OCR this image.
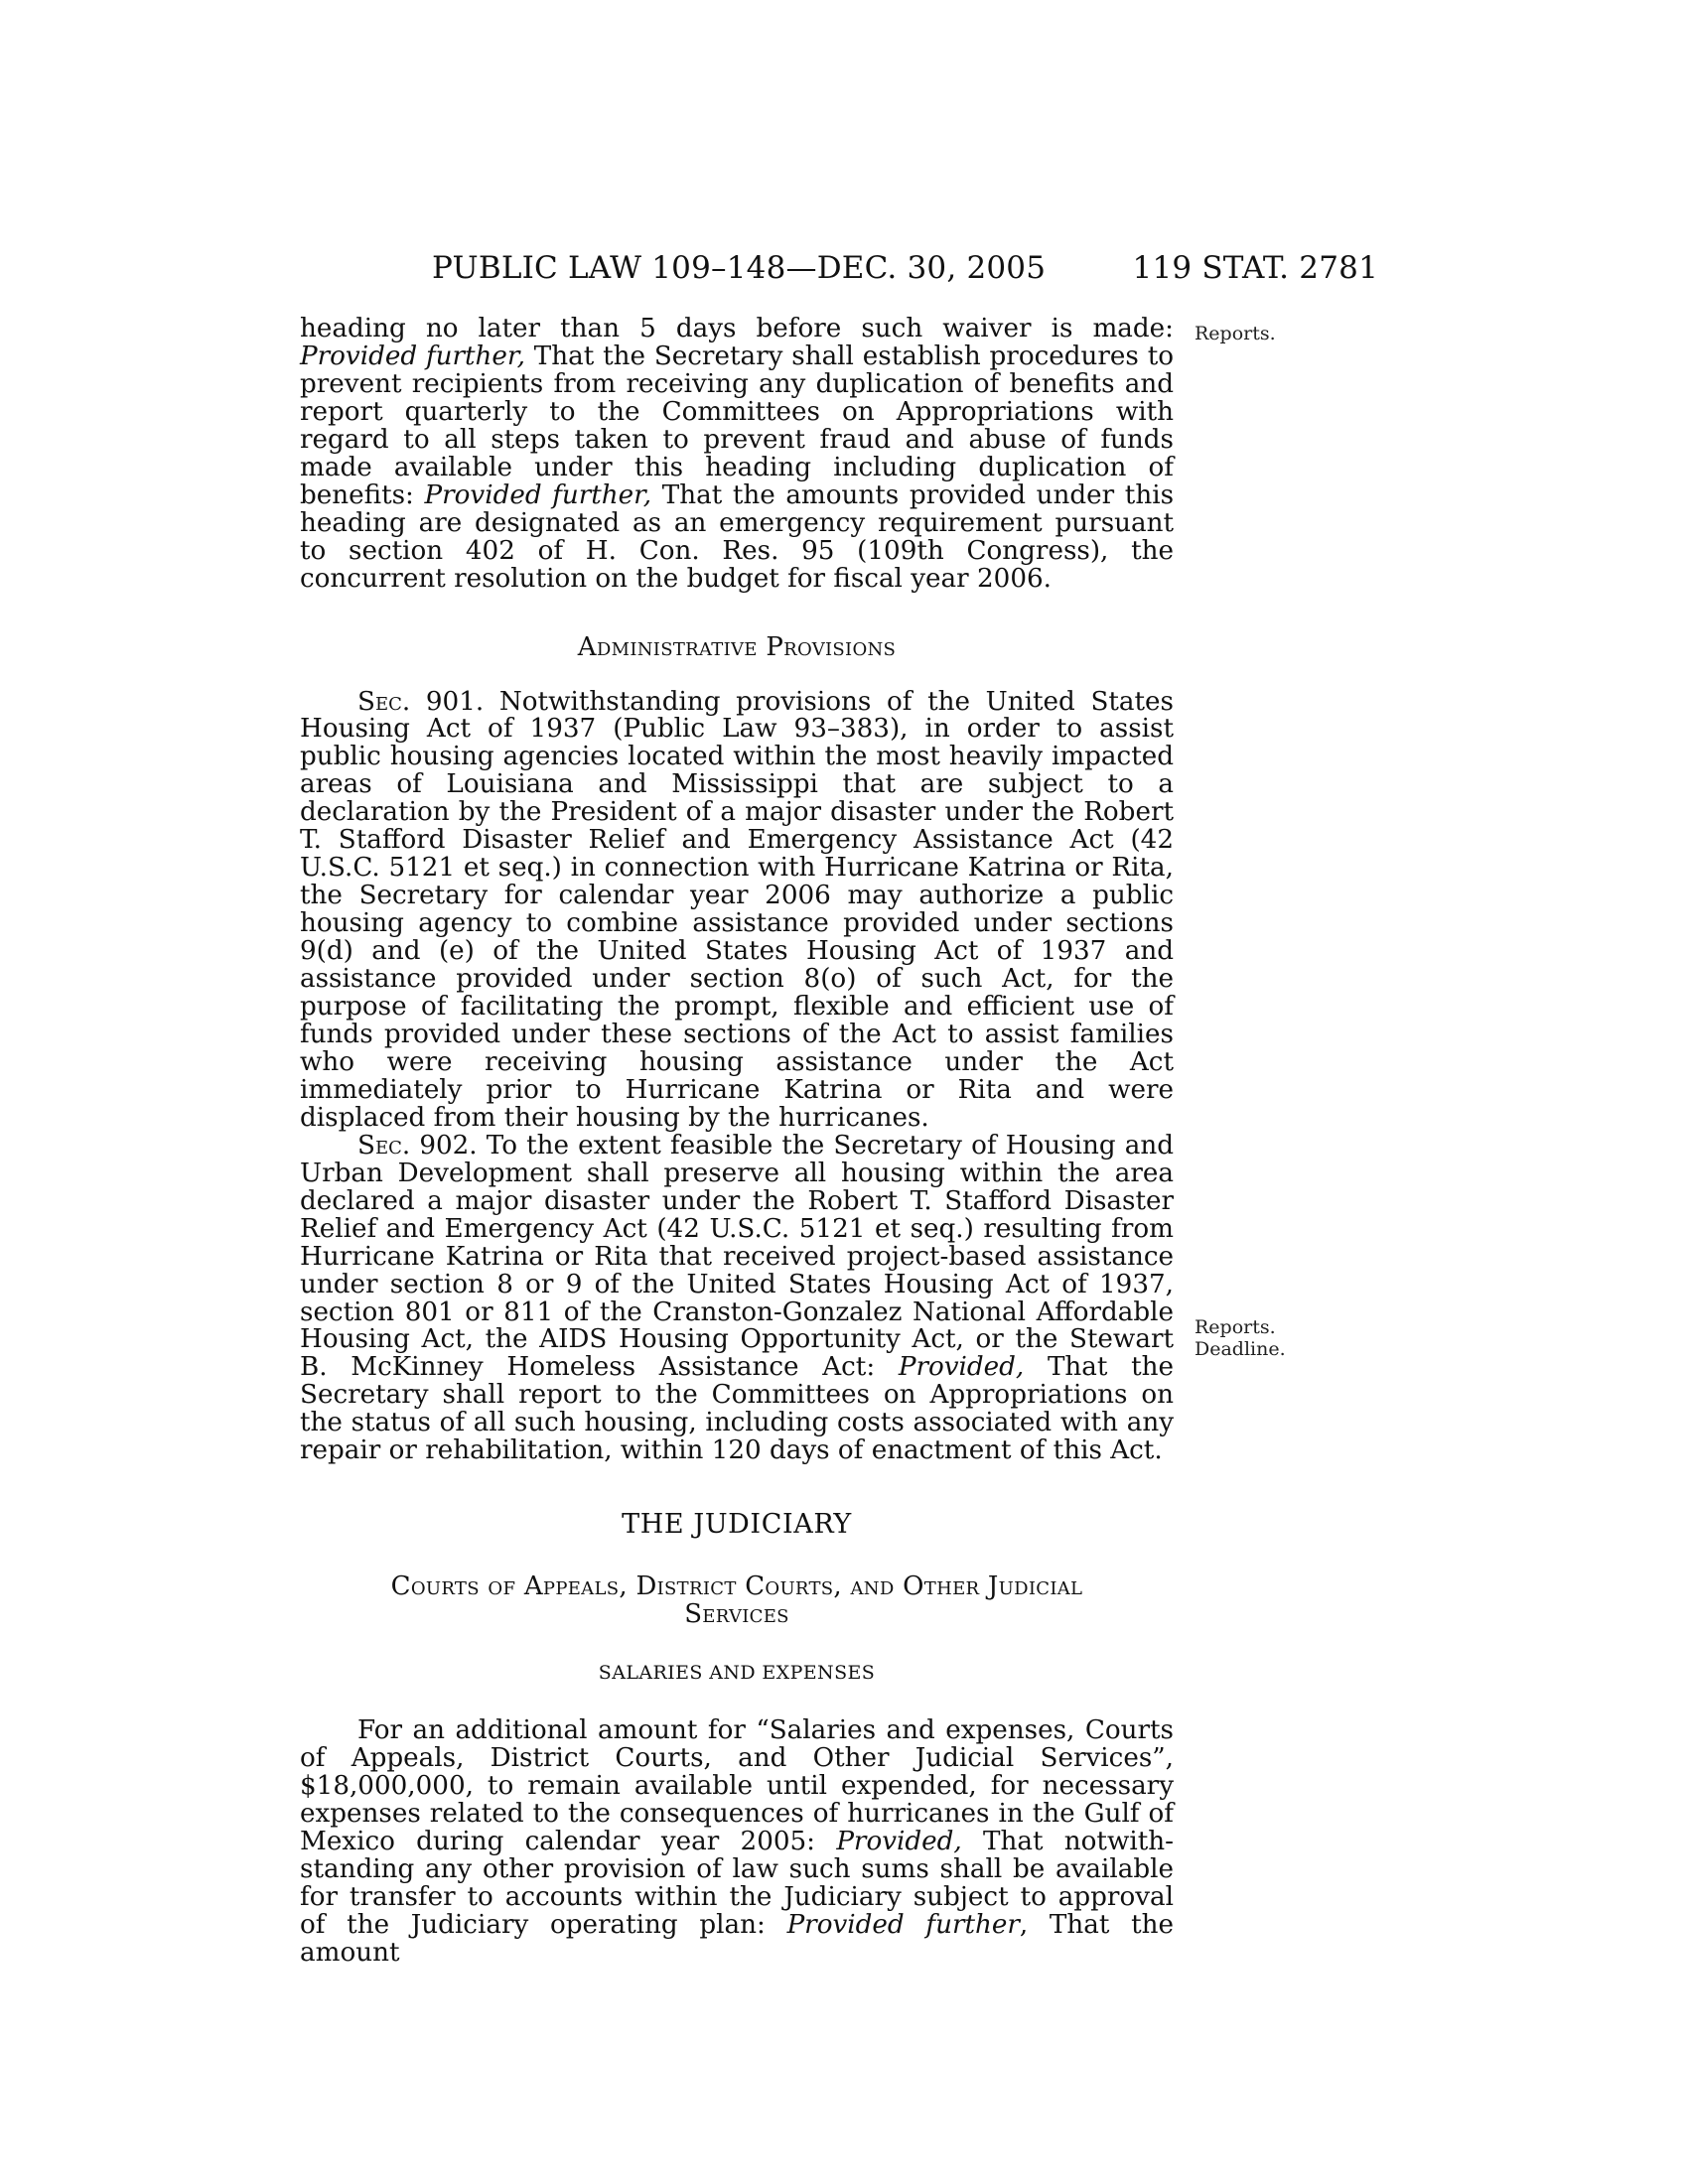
PUBLIC LAW 109–148—DEC. 30, 2005	119 STAT. 2781
Reports.
Reports.
Deadline.

heading no later than 5 days before such waiver is made: Provided further, That the Secretary shall establish procedures to prevent recipients from receiving any duplication of benefits and report quarterly to the Committees on Appropriations with regard to all steps taken to prevent fraud and abuse of funds made available under this heading including duplication of benefits: Provided further, That the amounts provided under this heading are designated as an emergency requirement pursuant to section 402 of H. Con. Res. 95 (109th Congress), the concurrent resolution on the budget for fiscal year 2006.

Administrative Provisions

Sec. 901. Notwithstanding provisions of the United States Housing Act of 1937 (Public Law 93–383), in order to assist public housing agencies located within the most heavily impacted areas of Louisiana and Mississippi that are subject to a declaration by the President of a major disaster under the Robert T. Stafford Disaster Relief and Emergency Assistance Act (42 U.S.C. 5121 et seq.) in connection with Hurricane Katrina or Rita, the Secretary for calendar year 2006 may authorize a public housing agency to combine assistance provided under sections 9(d) and (e) of the United States Housing Act of 1937 and assistance provided under section 8(o) of such Act, for the purpose of facilitating the prompt, flexible and efficient use of funds provided under these sections of the Act to assist families who were receiving housing assistance under the Act immediately prior to Hurricane Katrina or Rita and were displaced from their housing by the hurricanes.

Sec. 902. To the extent feasible the Secretary of Housing and Urban Development shall preserve all housing within the area declared a major disaster under the Robert T. Stafford Disaster Relief and Emergency Act (42 U.S.C. 5121 et seq.) resulting from Hurricane Katrina or Rita that received project-based assistance under section 8 or 9 of the United States Housing Act of 1937, section 801 or 811 of the Cranston-Gonzalez National Affordable Housing Act, the AIDS Housing Opportunity Act, or the Stewart B. McKinney Homeless Assistance Act: Provided, That the Secretary shall report to the Committees on Appropriations on the status of all such housing, including costs associated with any repair or rehabilitation, within 120 days of enactment of this Act.

THE JUDICIARY
Courts of Appeals, District Courts, and Other Judicial Services
SALARIES AND EXPENSES

For an additional amount for “Salaries and expenses, Courts of Appeals, District Courts, and Other Judicial Services”, $18,000,000, to remain available until expended, for necessary expenses related to the consequences of hurricanes in the Gulf of Mexico during calendar year 2005: Provided, That notwithstanding any other provision of law such sums shall be available for transfer to accounts within the Judiciary subject to approval of the Judiciary operating plan: Provided further, That the amount
